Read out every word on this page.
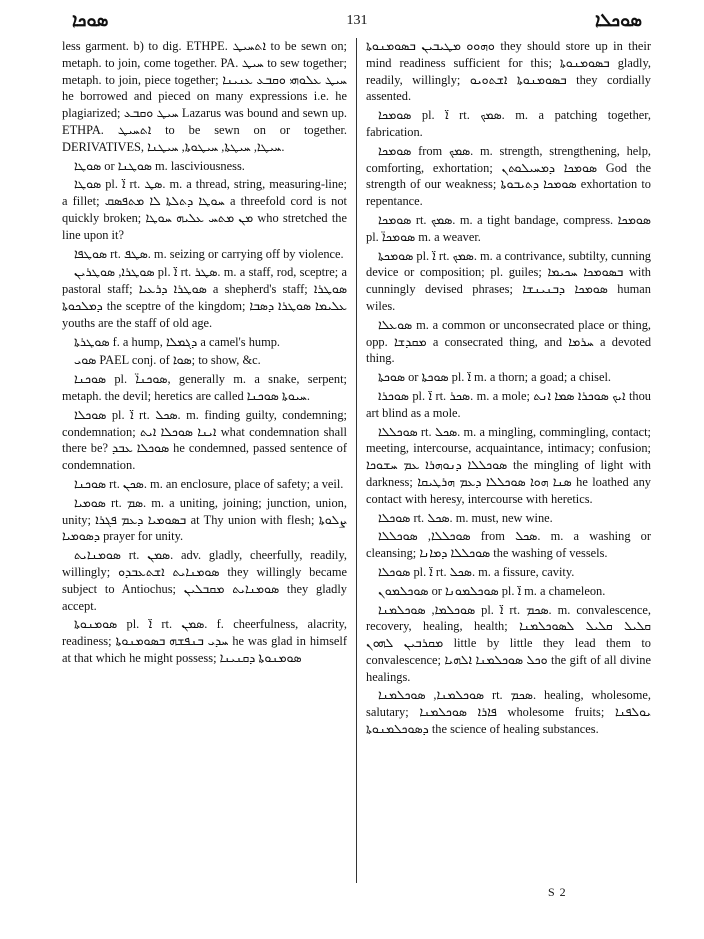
ܣܘܟܐ	131	ܣܘܟܠܐ

less garment. b) to dig. ETHPE. ܐܬܚܝܛ to be sewn on; metaph. to join, come together. PA. ܚܝܛ to sew together; metaph. to join, piece together; ܚܝܛ ܥܠܘܗܝ ܘܩܒܥ ܥܢܝܢܐ he borrowed and pieced on many expressions i.e. he plagiarized; ܚܝܛ ܘܩܒܥ Lazarus was bound and sewn up. ETHPA. ܐܬܚܝܛ to be sewn on or together. DERIVATIVES, ܚܝܛܐ, ܚܝܛܬܐ, ܚܝܛܘܬܐ, ܚܝܛܢܐ.

ܣܘܛܐ or ܣܘܛܢܐ m. lasciviousness.

ܣܘܛܐ pl. ܐ̈ rt. ܣܛ. m. a thread, string, measuring-line; a fillet; ܚܘܛܐ ܕܬܠܬܐ ܠܐ ܡܬܦܣܩ a threefold cord is not quickly broken; ܡܢ ܡܬܚ ܥܠܝܗ ܚܘܛܐ who stretched the line upon it?

ܣܘܛܦܐ rt. ܣܛܦ. m. seizing or carrying off by violence.

ܣܘܛܪܐ, ܣܘܛܪܝܢ pl. ܐ̈ rt. ܣܛܪ. m. a staff, rod, sceptre; a pastoral staff; ܣܘܛܪܐ ܕܪܥܝܐ a shepherd's staff; ܣܘܛܪܐ ܕܡܠܟܘܬܐ the sceptre of the kingdom; ܥܠܝܡܐ ܣܘܛܪܐ ܕܣܒܐ youths are the staff of old age.

ܣܘܛܪܬܐ f. a hump, ܕܓܡܠܐ a camel's hump.

ܣܘܝ PAEL conj. of ܣܘܐ; to show, &c.

ܣܘܟܢܐ pl. ܣܘܟܢܐ̈, generally m. a snake, serpent; metaph. the devil; heretics are called ܚܝܘܬܐ ܣܘܟܢܐ.

ܣܘܟܠܐ pl. ܐ̈ rt. ܣܟܠ. m. finding guilty, condemning; condemnation; ܐܝܢܐ ܣܘܟܠܐ ܐܝܬ what condemnation shall there be? ܣܘܟܠܐ ܥܒܕ he condemned, passed sentence of condemnation.

ܣܘܟܢܐ rt. ܣܟܢ. m. an enclosure, place of safety; a veil.

ܣܘܡܝܐ rt. ܣܡ. m. a uniting, joining; junction, union, unity; ܒܣܘܡܝܐ ܕܥܡ ܦܓܪܐ at Thy union with flesh; ܨܠܘܬܐ ܕܣܘܡܝܐ prayer for unity.

ܣܘܡܢܐܝܬ rt. ܣܡܢ. adv. gladly, cheerfully, readily, willingly; ܣܘܡܢܐܝܬ ܐܫܬܥܒܕܘ they willingly became subject to Antiochus; ܣܘܡܢܐܝܬ ܡܩܒܠܝܢ they gladly accept.

ܣܘܡܢܘܬܐ pl. ܐ̈ rt. ܣܡܢ. f. cheerfulness, alacrity, readiness; ܚܕܝ ܒܢܦܫܗ ܒܣܘܡܢܘܬܐ he was glad in himself at that which he might possess; ܣܘܡܢܘܬܐ ܕܩܢܝܢܐ

ܘܗܘܘ ܡܛܝܒܝܢ ܒܣܘܡܢܘܬܐ they should store up in their mind readiness sufficient for this; ܒܣܘܡܢܘܬܐ gladly, readily, willingly; ܒܣܘܡܢܘܬܐ ܐܫܬܘܝܘ they cordially assented.

ܣܘܡܟܐ pl. ܐ̈ rt. ܣܡܟ. m. a patching together, fabrication.

ܣܘܡܟܐ from ܣܡܟ. m. strength, strengthening, help, comforting, exhortation; ܣܘܡܟܐ ܕܡܚܝܠܘܬܢ God the strength of our weakness; ܣܘܡܟܐ ܕܬܝܒܘܬܐ exhortation to repentance.

ܣܘܡܟܐ rt. ܣܡܟ. m. a tight bandage, compress. ܣܘܡܟܐ pl. ܣܘܡܟܐ̈ m. a weaver.

ܣܘܡܟܬܐ pl. ܐ̈ rt. ܣܡܟ. m. a contrivance, subtilty, cunning device or composition; pl. guiles; ܒܣܘܡܟܐ ܚܟܝܡܐ with cunningly devised phrases; ܣܘܡܟܐ ܕܒܢܝܢܫܐ human wiles.

ܣܘܥܠܐ m. a common or unconsecrated place or thing, opp. ܡܩܕܫܐ a consecrated thing, and ܚܪܡܐ a devoted thing.

ܣܘܟܬܐ or ܣܘܟܬܐ pl. ܐ̈ m. a thorn; a goad; a chisel.

ܣܘܟܪܐ pl. ܐ̈ rt. ܣܟܪ. m. a mole; ܐܝܟ ܣܘܟܪܐ ܣܡܐ ܐܢܬ thou art blind as a mole.

ܣܘܟܠܠܐ rt. ܣܟܠ. m. a mingling, commingling, contact; meeting, intercourse, acquaintance, intimacy; confusion; ܣܘܟܠܠܐ ܕܢܘܗܪܐ ܥܡ ܚܫܘܟܐ the mingling of light with darkness; ܣܢܐ ܗܘܐ ܣܘܟܠܠܐ ܕܥܡ ܗܪܛܝܩܐ he loathed any contact with heresy, intercourse with heretics.

ܣܘܟܠܐ rt. ܣܟܠ. m. must, new wine.

ܣܘܟܠܠܐ, ܣܘܟܠܠܐ from ܣܟܠ. m. a washing or cleansing; ܣܘܟܠܠܐ ܕܡܐܢܐ the washing of vessels.

ܣܘܟܠܐ pl. ܐ̈ rt. ܣܟܠ. m. a fissure, cavity.

ܣܘܟܠܡܘܢ or ܣܘܟܠܡܘܢܐ pl. ܐ̈ m. a chameleon.

ܣܘܟܠܡܐ, ܣܘܟܠܡܢܐ pl. ܐ̈ rt. ܣܟܡ. m. convalescence, recovery, healing, health; ܩܠܝܠ ܩܠܝܠ ܠܣܘܟܠܡܢܐ ܡܩܪܒܝܢ ܠܗܘܢ little by little they lead them to convalescence; ܘܟܠ ܣܘܟܠܡܢܐ ܐܠܗܝܐ the gift of all divine healings.

ܣܘܟܠܡܢܐ, ܣܘܟܠܡܢܐ rt. ܣܟܡ. healing, wholesome, salutary; ܦܐܪܐ ܣܘܟܠܡܢܐ wholesome fruits; ܝܘܠܦܢܐ ܕܣܘܟܠܡܢܘܬܐ the science of healing substances.

S 2
